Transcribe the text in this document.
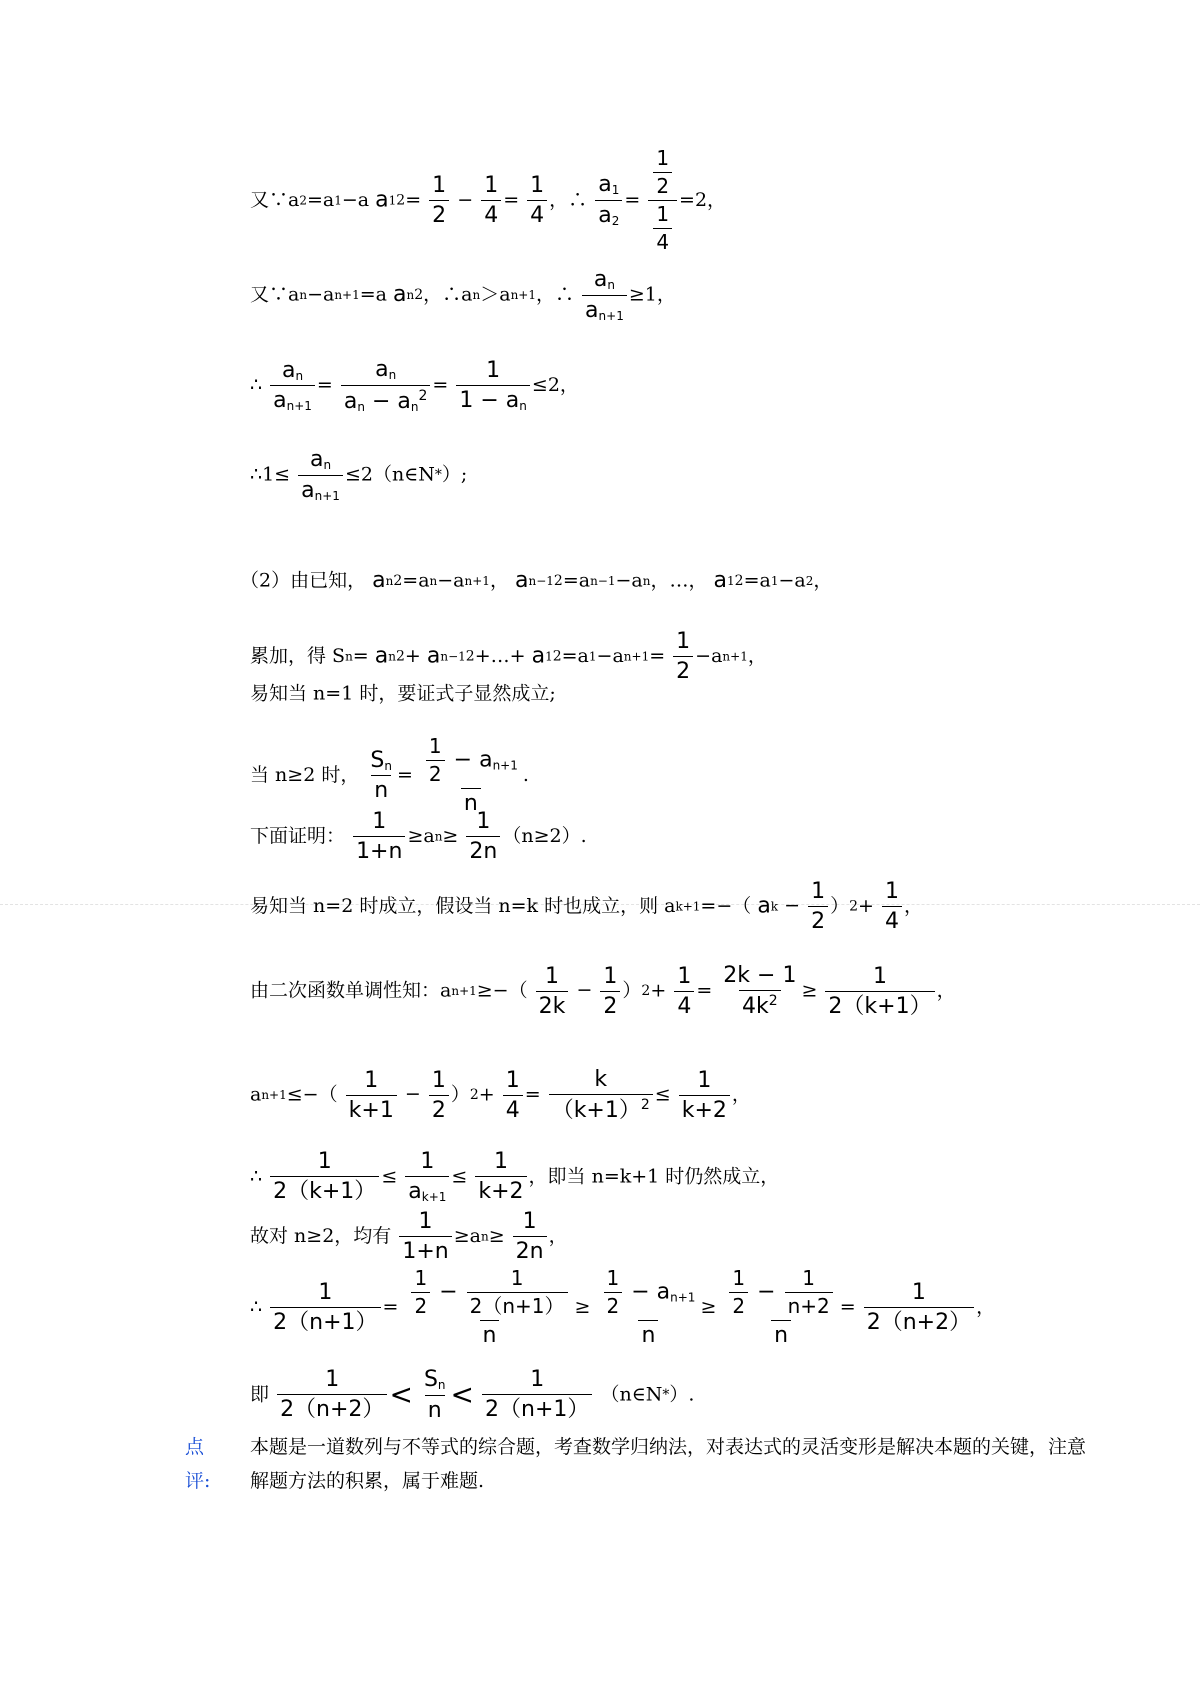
又∵a2=a1−a $a12= \frac{1}{2} - \frac{1}{4} = \frac{1}{4}$ ，∴ $\frac{a_1}{a_2} = \frac{\frac{1}{2}}{\frac{1}{4}} =2$，
又∵an−an+1=a an2，∴an＞an+1，∴ $\frac{a_n}{a_{n+1}} \ge 1$，
∴ $\frac{a_n}{a_{n+1}} = \frac{a_n}{a_n - a_n^2} = \frac{1}{1 - a_n} \le 2$，
∴1≤ $\frac{a_n}{a_{n+1}}$ ≤2（n∈N*）;
（2）由已知， an2=an−an+1， an−12=an−1−an，…， a12=a1−a2，
累加，得 Sn= an2+ an−12+…+ $a12=a1-an+1= \frac{1}{2} -an+1$，
易知当 n=1 时，要证式子显然成立;
当 n≥2 时， $\frac{S_n}{n} = \frac{\frac{1}{2} - a_{n+1}}{n}$ .
下面证明： $\frac{1}{1+n} \ge an\ge \frac{1}{2n} (n\ge 2)$.
易知当 n=2 时成立，假设当 n=k 时也成立，则 ak+1=−（ ak − $\frac{1}{2} )2+ \frac{1}{4}$ ，
由二次函数单调性知：$an+1\ge-( \frac{1}{2k} - \frac{1}{2} )2+ \frac{1}{4} = \frac{2k - 1}{4k^2} \ge \frac{1}{2(k+1)}$ ，
$an+1\le-( \frac{1}{k+1} - \frac{1}{2} )2+ \frac{1}{4} = \frac{k}{(k+1)^2} \le \frac{1}{k+2}$ ，
∴ $\frac{1}{2(k+1)} \le \frac{1}{a_{k+1}} \le \frac{1}{k+2}$ ，即当 n=k+1 时仍然成立，
故对 n≥2，均有 $\frac{1}{1+n} \ge an\ge \frac{1}{2n}$ ，
∴ $\frac{1}{2(n+1)} = \frac{\frac{1}{2} - \frac{1}{2(n+1)}}{n} \ge \frac{\frac{1}{2} - a_{n+1}}{n} \ge \frac{\frac{1}{2} - \frac{1}{n+2}}{n} = \frac{1}{2(n+2)}$ ，
即 $\frac{1}{2(n+2)} < \frac{S_n}{n} < \frac{1}{2(n+1)}$ （n∈N*）.
点
评:
本题是一道数列与不等式的综合题，考查数学归纳法，对表达式的灵活变形是解决本题的关键，注意解题方法的积累，属于难题.
